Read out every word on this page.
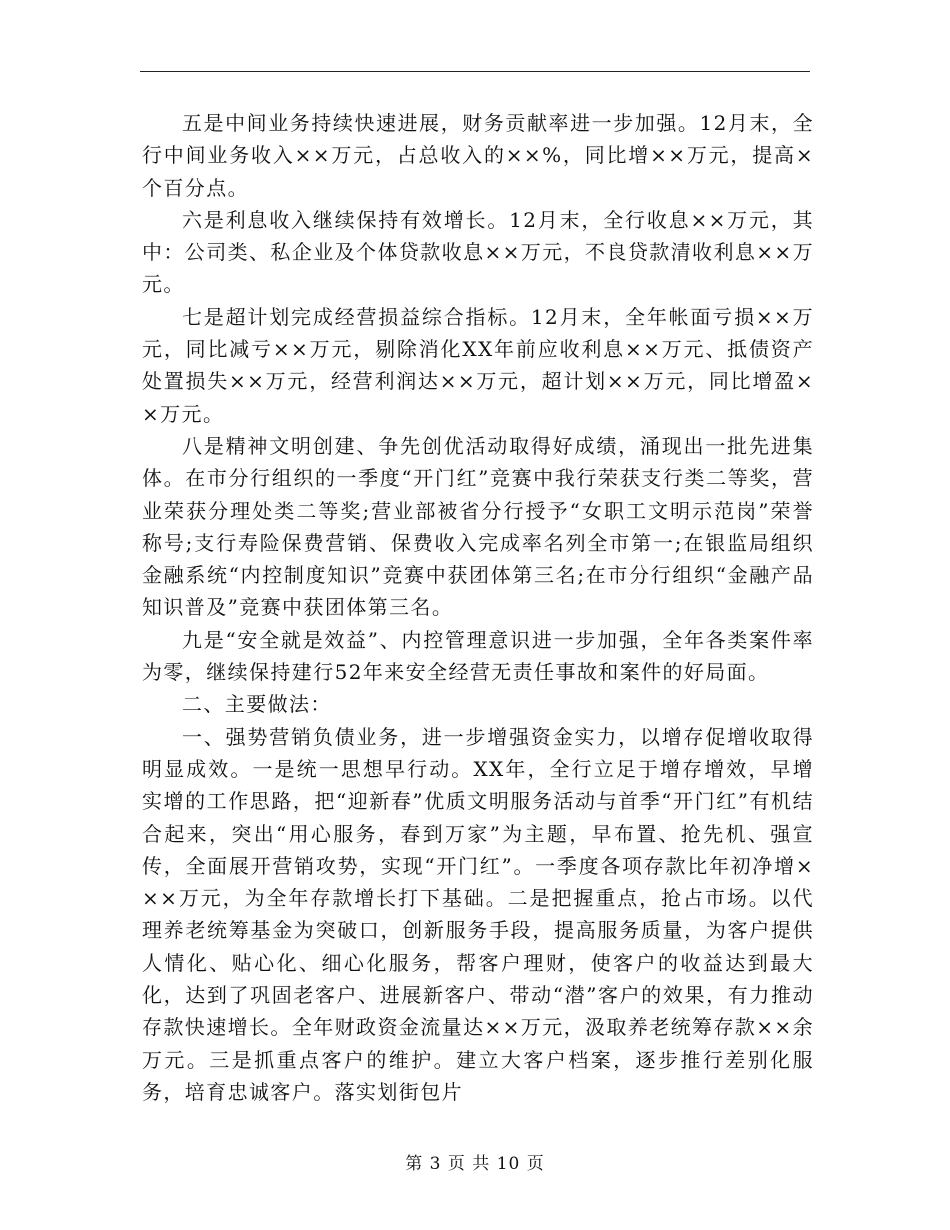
五是中间业务持续快速进展，财务贡献率进一步加强。12月末，全行中间业务收入××万元，占总收入的××%，同比增××万元，提高×个百分点。

六是利息收入继续保持有效增长。12月末，全行收息××万元，其中：公司类、私企业及个体贷款收息××万元，不良贷款清收利息××万元。

七是超计划完成经营损益综合指标。12月末，全年帐面亏损××万元，同比减亏××万元，剔除消化XX年前应收利息××万元、抵债资产处置损失××万元，经营利润达××万元，超计划××万元，同比增盈××万元。

八是精神文明创建、争先创优活动取得好成绩，涌现出一批先进集体。在市分行组织的一季度“开门红”竞赛中我行荣获支行类二等奖，营业荣获分理处类二等奖;营业部被省分行授予“女职工文明示范岗”荣誉称号;支行寿险保费营销、保费收入完成率名列全市第一;在银监局组织金融系统“内控制度知识”竞赛中获团体第三名;在市分行组织“金融产品知识普及”竞赛中获团体第三名。

九是“安全就是效益”、内控管理意识进一步加强，全年各类案件率为零，继续保持建行52年来安全经营无责任事故和案件的好局面。

二、主要做法：

一、强势营销负债业务，进一步增强资金实力，以增存促增收取得明显成效。一是统一思想早行动。XX年，全行立足于增存增效，早增实增的工作思路，把“迎新春”优质文明服务活动与首季“开门红”有机结合起来，突出“用心服务，春到万家”为主题，早布置、抢先机、强宣传，全面展开营销攻势，实现“开门红”。一季度各项存款比年初净增×××万元，为全年存款增长打下基础。二是把握重点，抢占市场。以代理养老统筹基金为突破口，创新服务手段，提高服务质量，为客户提供人情化、贴心化、细心化服务，帮客户理财，使客户的收益达到最大化，达到了巩固老客户、进展新客户、带动“潜”客户的效果，有力推动存款快速增长。全年财政资金流量达××万元，汲取养老统筹存款××余万元。三是抓重点客户的维护。建立大客户档案，逐步推行差别化服务，培育忠诚客户。落实划街包片

第 3 页 共 10 页
